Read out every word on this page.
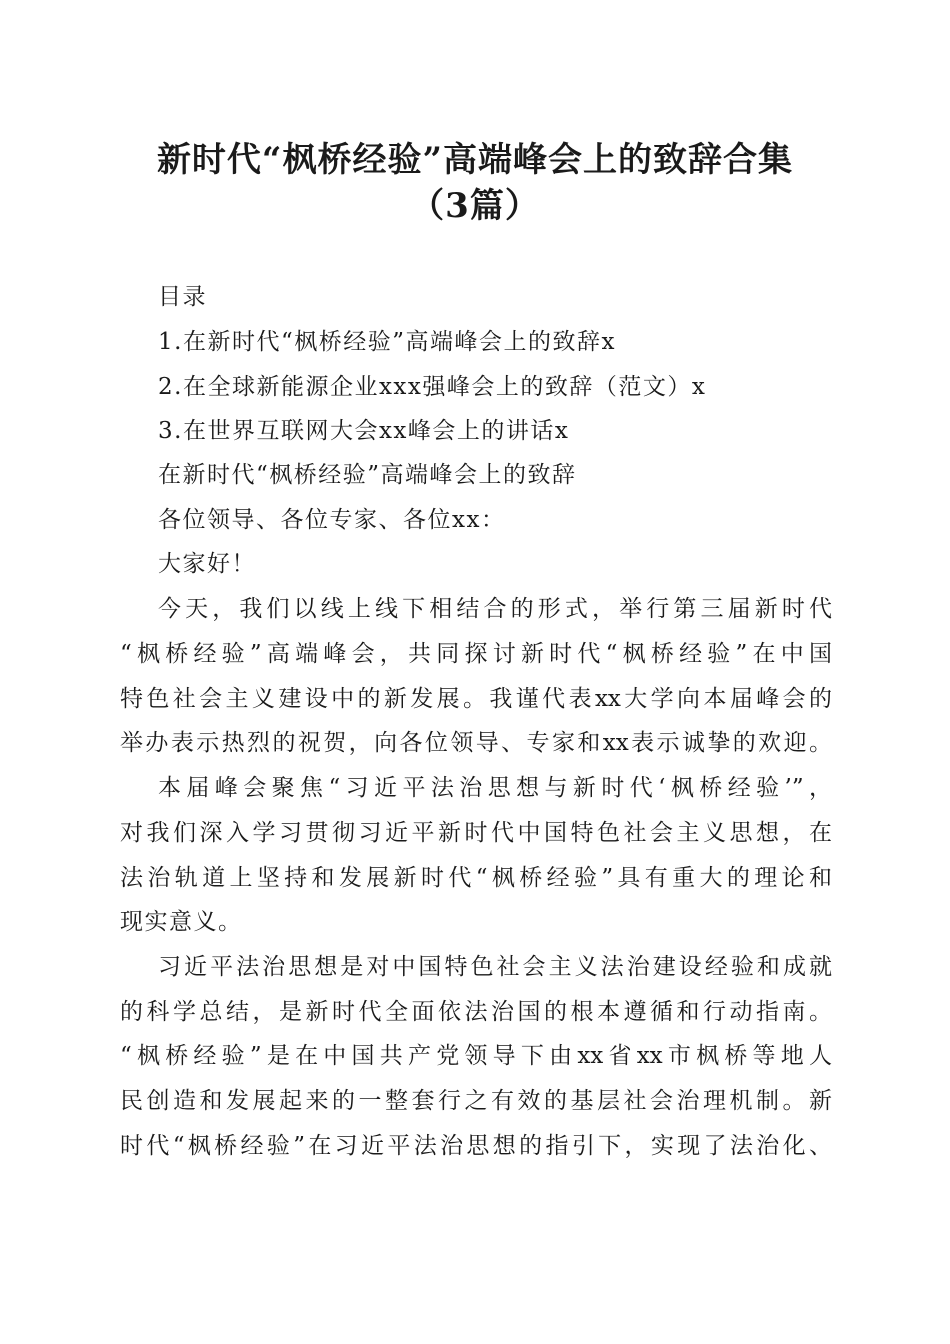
新时代“枫桥经验”高端峰会上的致辞合集
（3篇）
目录
1.在新时代“枫桥经验”高端峰会上的致辞x
2.在全球新能源企业xxx强峰会上的致辞（范文）x
3.在世界互联网大会xx峰会上的讲话x
在新时代“枫桥经验”高端峰会上的致辞
各位领导、各位专家、各位xx：
大家好！
今天，我们以线上线下相结合的形式，举行第三届新时代
“枫桥经验”高端峰会，共同探讨新时代“枫桥经验”在中国
特色社会主义建设中的新发展。我谨代表xx大学向本届峰会的
举办表示热烈的祝贺，向各位领导、专家和xx表示诚挚的欢迎。
本届峰会聚焦“习近平法治思想与新时代‘枫桥经验’”，
对我们深入学习贯彻习近平新时代中国特色社会主义思想，在
法治轨道上坚持和发展新时代“枫桥经验”具有重大的理论和
现实意义。
习近平法治思想是对中国特色社会主义法治建设经验和成就
的科学总结，是新时代全面依法治国的根本遵循和行动指南。
“枫桥经验”是在中国共产党领导下由xx省xx市枫桥等地人
民创造和发展起来的一整套行之有效的基层社会治理机制。新
时代“枫桥经验”在习近平法治思想的指引下，实现了法治化、
